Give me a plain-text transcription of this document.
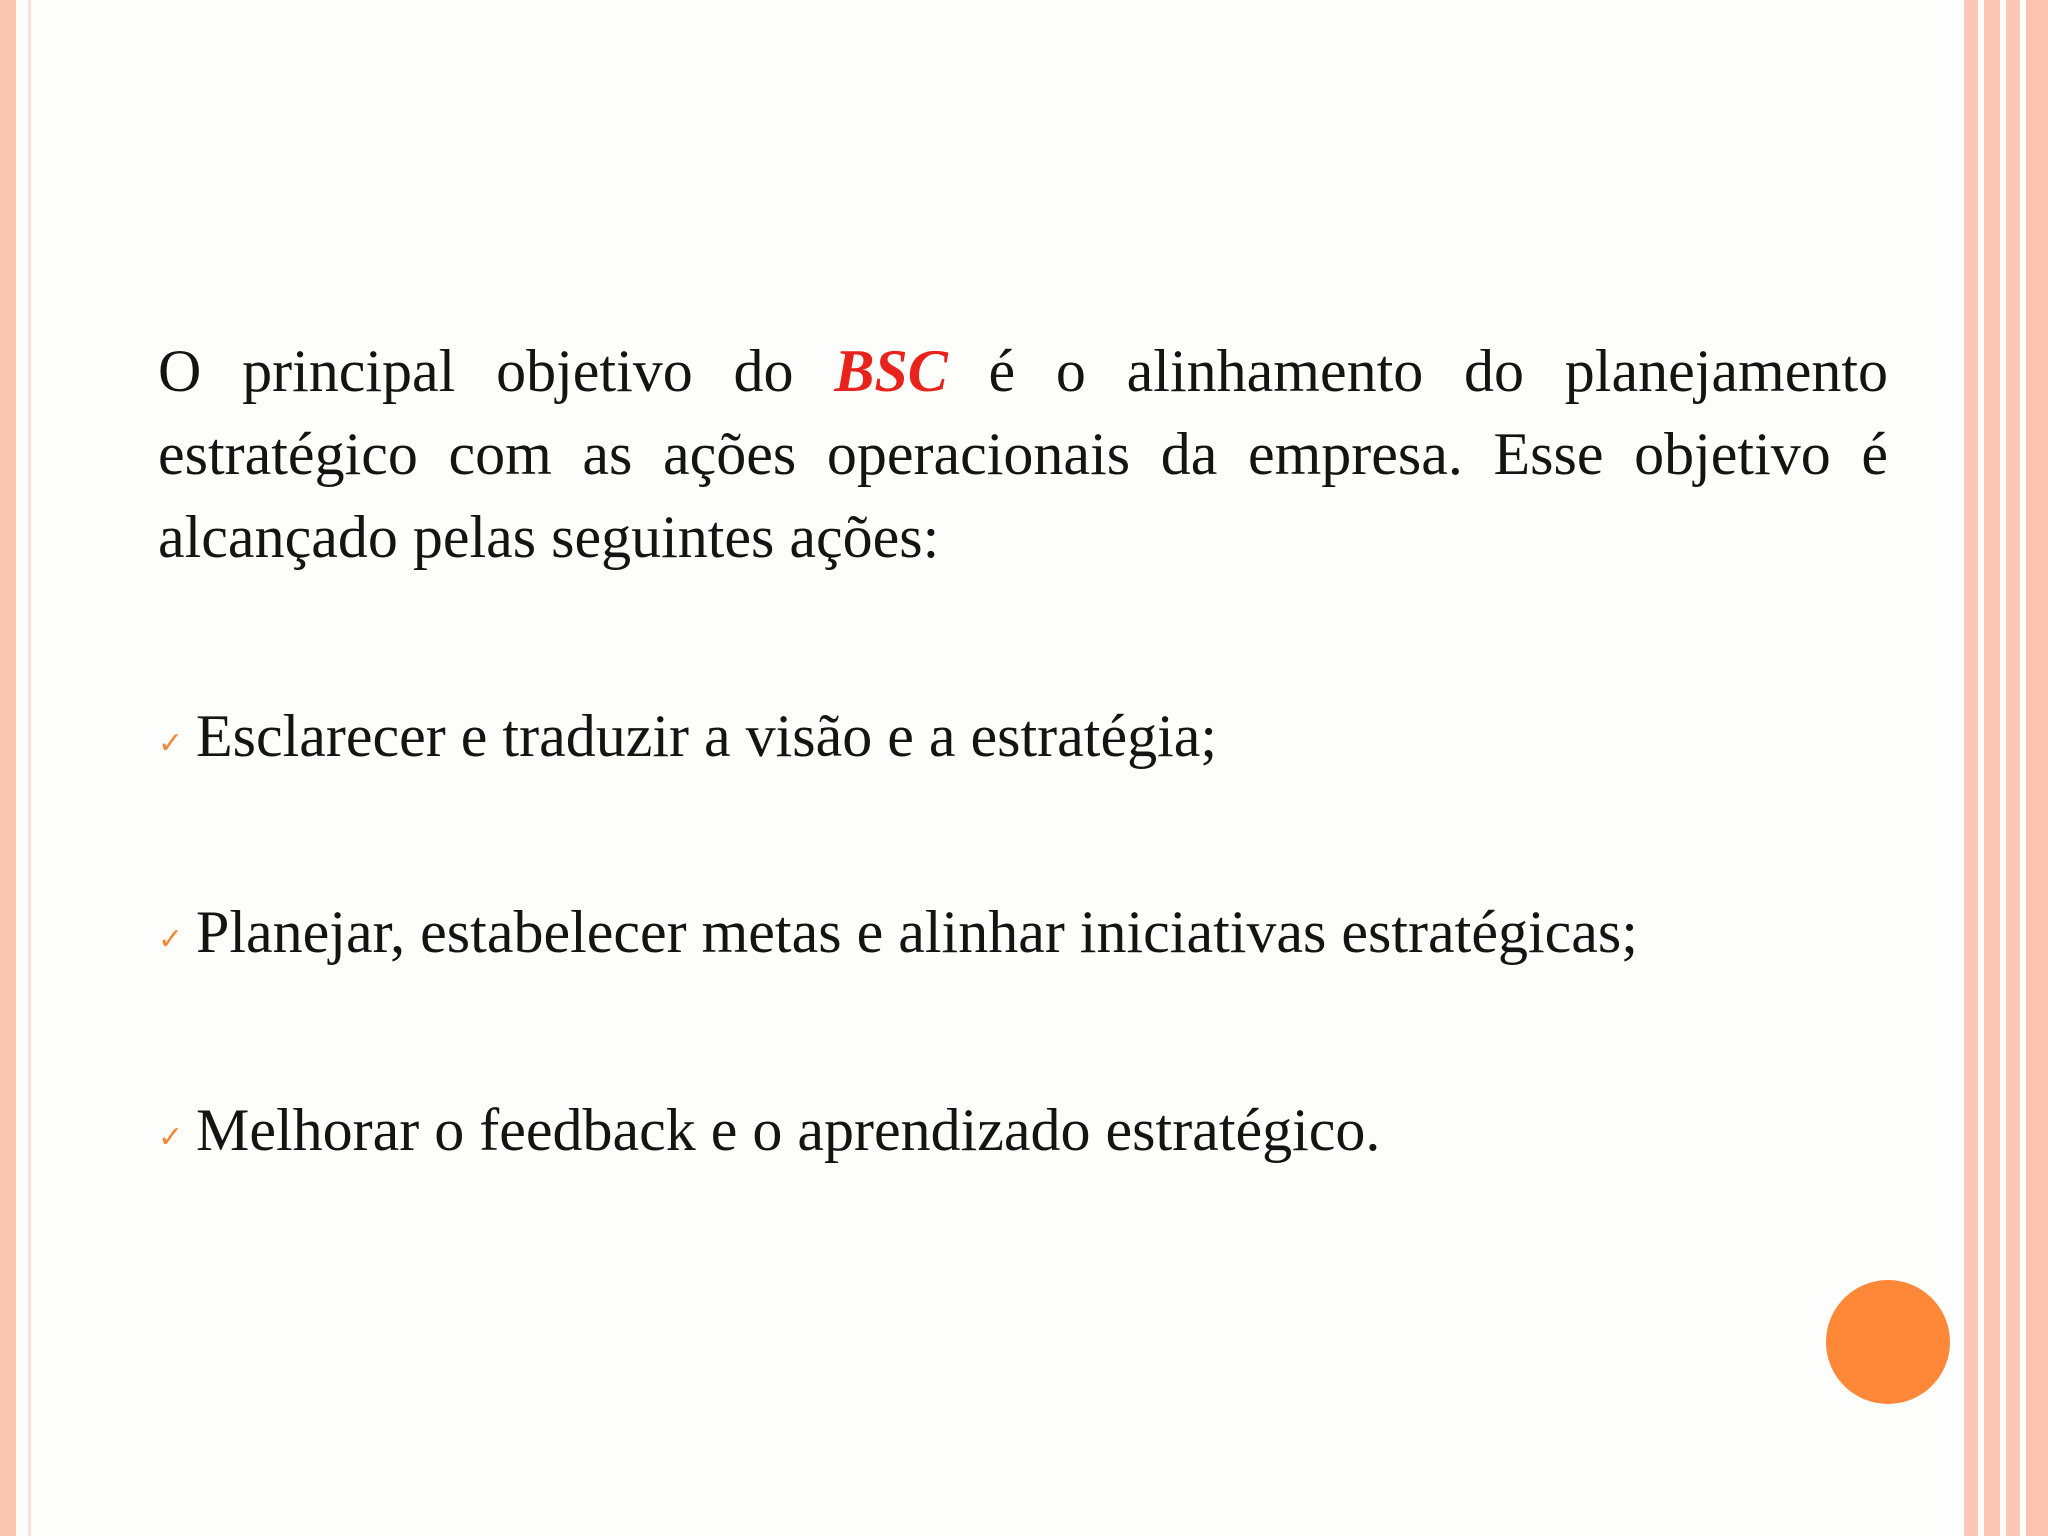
O principal objetivo do BSC é o alinhamento do planejamento estratégico com as ações operacionais da empresa. Esse objetivo é alcançado pelas seguintes ações:

✓ Esclarecer e traduzir a visão e a estratégia;
✓ Planejar, estabelecer metas e alinhar iniciativas estratégicas;
✓ Melhorar o feedback e o aprendizado estratégico.
